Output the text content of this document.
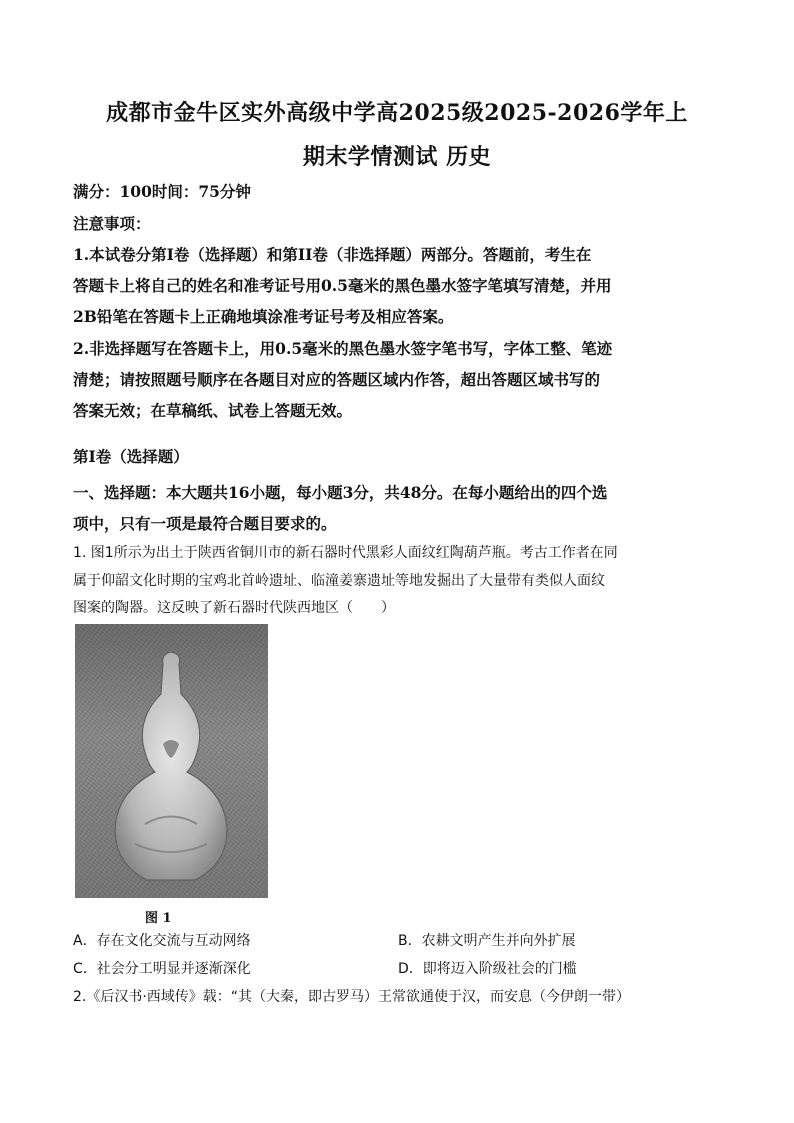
成都市金牛区实外高级中学高2025级2025-2026学年上
期末学情测试 历史
满分：100时间：75分钟
注意事项：
1.本试卷分第I卷（选择题）和第II卷（非选择题）两部分。答题前，考生在
答题卡上将自己的姓名和准考证号用0.5毫米的黑色墨水签字笔填写清楚，并用
2B铅笔在答题卡上正确地填涂准考证号考及相应答案。
2.非选择题写在答题卡上，用0.5毫米的黑色墨水签字笔书写，字体工整、笔迹
清楚；请按照题号顺序在各题目对应的答题区域内作答，超出答题区域书写的
答案无效；在草稿纸、试卷上答题无效。
第I卷（选择题）
一、选择题：本大题共16小题，每小题3分，共48分。在每小题给出的四个选
项中，只有一项是最符合题目要求的。
1. 图1所示为出土于陕西省铜川市的新石器时代黑彩人面纹红陶葫芦瓶。考古工作者在同
属于仰韶文化时期的宝鸡北首岭遗址、临潼姜寨遗址等地发掘出了大量带有类似人面纹
图案的陶器。这反映了新石器时代陕西地区（　　）
图 1
A．存在文化交流与互动网络	B．农耕文明产生并向外扩展
C．社会分工明显并逐渐深化	D．即将迈入阶级社会的门槛
2.《后汉书·西域传》载：“其（大秦，即古罗马）王常欲通使于汉，而安息（今伊朗一带）
